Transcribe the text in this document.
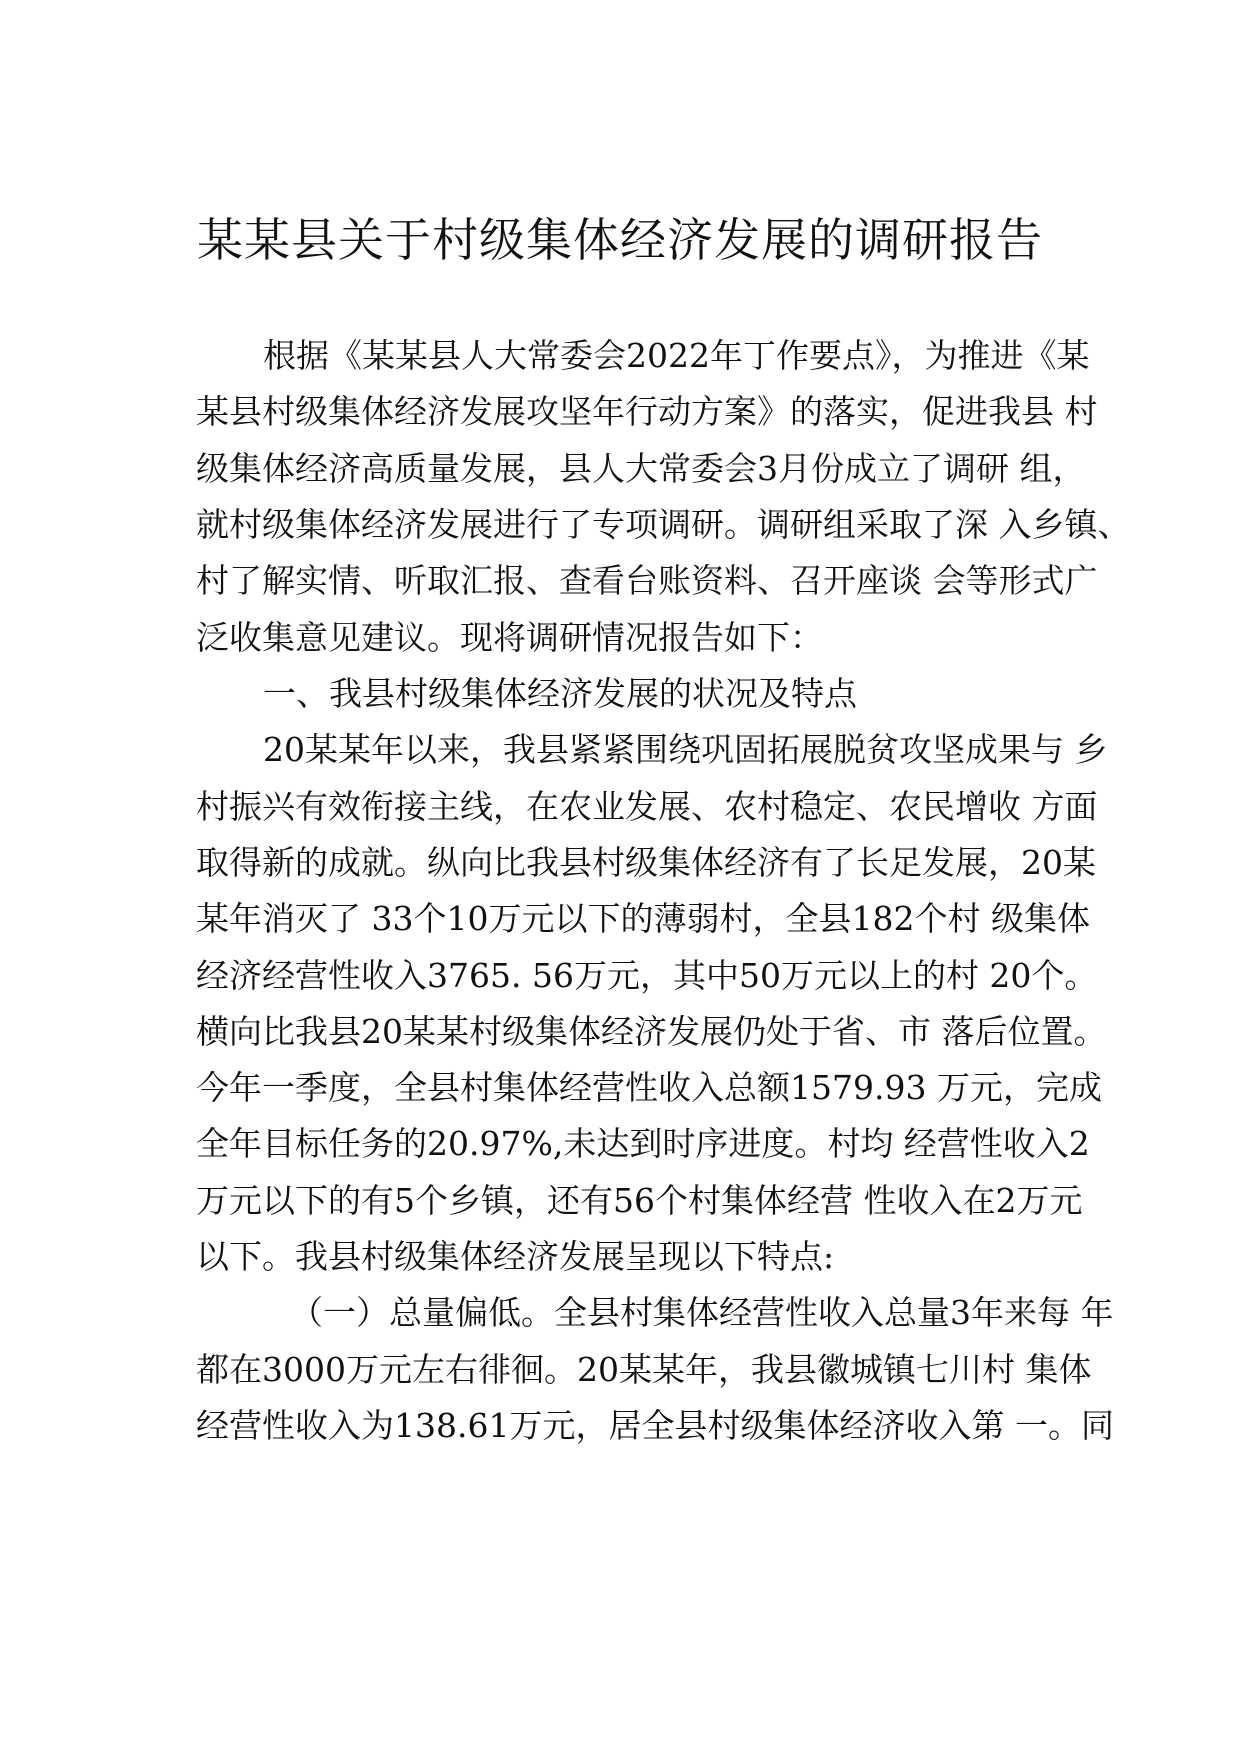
某某县关于村级集体经济发展的调研报告
根据《某某县人大常委会2022年丁作要点》，为推进《某
某县村级集体经济发展攻坚年行动方案》的落实，促进我县 村
级集体经济高质量发展，县人大常委会3月份成立了调研 组，
就村级集体经济发展进行了专项调研。调研组采取了深 入乡镇、
村了解实情、听取汇报、查看台账资料、召开座谈 会等形式广
泛收集意见建议。现将调研情况报告如下：
一、我县村级集体经济发展的状况及特点
20某某年以来，我县紧紧围绕巩固拓展脱贫攻坚成果与 乡
村振兴有效衔接主线，在农业发展、农村稳定、农民增收 方面
取得新的成就。纵向比我县村级集体经济有了长足发展，20某
某年消灭了 33个10万元以下的薄弱村，全县182个村 级集体
经济经营性收入3765. 56万元，其中50万元以上的村 20个。
横向比我县20某某村级集体经济发展仍处于省、市 落后位置。
今年一季度，全县村集体经营性收入总额1579.93 万元，完成
全年目标任务的20.97%,未达到时序进度。村均 经营性收入2
万元以下的有5个乡镇，还有56个村集体经营 性收入在2万元
以下。我县村级集体经济发展呈现以下特点:
（一）总量偏低。全县村集体经营性收入总量3年来每 年
都在3000万元左右徘徊。20某某年，我县徽城镇七川村 集体
经营性收入为138.61万元，居全县村级集体经济收入第 一。同
